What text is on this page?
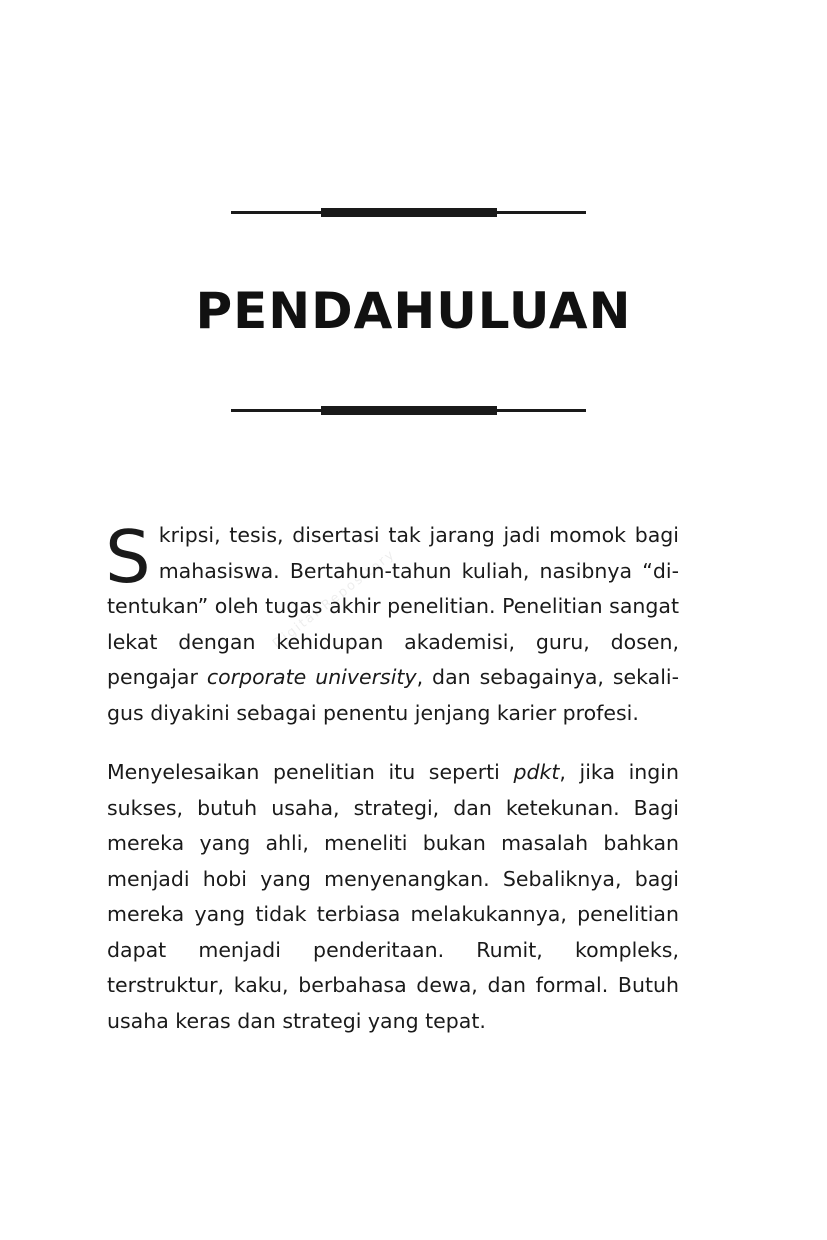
PENDAHULUAN
Digital Repository

Skripsi, tesis, disertasi tak jarang jadi momok bagi mahasiswa. Bertahun-tahun kuliah, nasibnya “ditentukan” oleh tugas akhir penelitian. Penelitian sangat lekat dengan kehidupan akademisi, guru, dosen, pengajar corporate university, dan sebagainya, sekaligus diyakini sebagai penentu jenjang karier profesi.

Menyelesaikan penelitian itu seperti pdkt, jika ingin sukses, butuh usaha, strategi, dan ketekunan. Bagi mereka yang ahli, meneliti bukan masalah bahkan menjadi hobi yang menyenangkan. Sebaliknya, bagi mereka yang tidak terbiasa melakukannya, penelitian dapat menjadi penderitaan. Rumit, kompleks, terstruktur, kaku, berbahasa dewa, dan formal. Butuh usaha keras dan strategi yang tepat.
